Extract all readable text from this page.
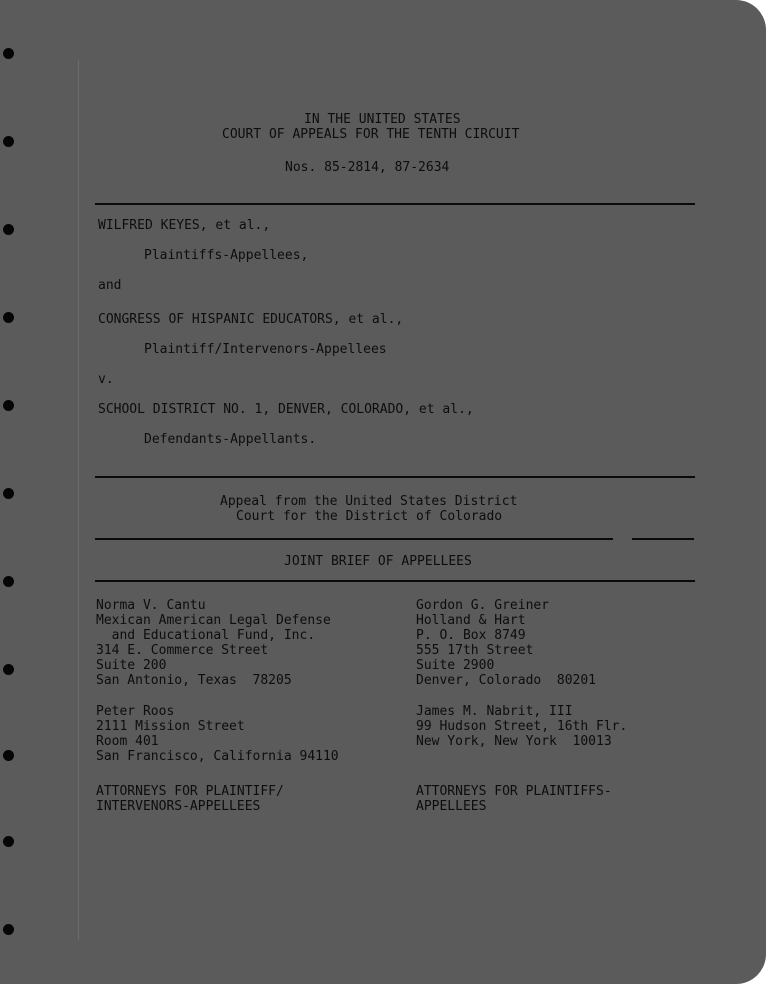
IN THE UNITED STATES
COURT OF APPEALS FOR THE TENTH CIRCUIT
Nos. 85-2814, 87-2634
WILFRED KEYES, et al.,
Plaintiffs-Appellees,
and
CONGRESS OF HISPANIC EDUCATORS, et al.,
Plaintiff/Intervenors-Appellees
v.
SCHOOL DISTRICT NO. 1, DENVER, COLORADO, et al.,
Defendants-Appellants.
Appeal from the United States District
Court for the District of Colorado
JOINT BRIEF OF APPELLEES
Norma V. Cantu
Mexican American Legal Defense
and Educational Fund, Inc.
314 E. Commerce Street
Suite 200
San Antonio, Texas  78205
Peter Roos
2111 Mission Street
Room 401
San Francisco, California 94110
ATTORNEYS FOR PLAINTIFF/
INTERVENORS-APPELLEES
Gordon G. Greiner
Holland & Hart
P. O. Box 8749
555 17th Street
Suite 2900
Denver, Colorado  80201
James M. Nabrit, III
99 Hudson Street, 16th Flr.
New York, New York  10013
ATTORNEYS FOR PLAINTIFFS-
APPELLEES
